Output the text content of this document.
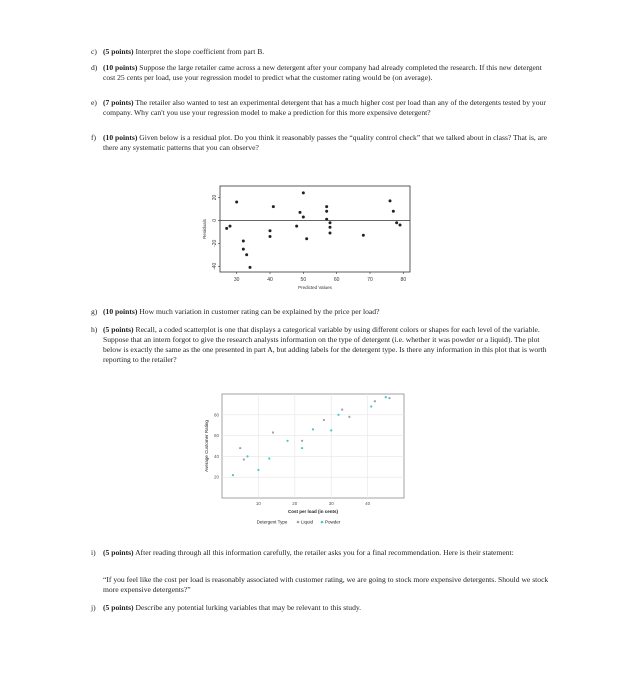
c) (5 points) Interpret the slope coefficient from part B.
d) (10 points) Suppose the large retailer came across a new detergent after your company had already completed the research. If this new detergent cost 25 cents per load, use your regression model to predict what the customer rating would be (on average).
e) (7 points) The retailer also wanted to test an experimental detergent that has a much higher cost per load than any of the detergents tested by your company. Why can't you use your regression model to make a prediction for this more expensive detergent?
f) (10 points) Given below is a residual plot. Do you think it reasonably passes the “quality control check” that we talked about in class? That is, are there any systematic patterns that you can observe?
30	40	50	60	70	80
-40
-20
0
20
Predicted Values
Residuals
g) (10 points) How much variation in customer rating can be explained by the price per load?
h) (5 points) Recall, a coded scatterplot is one that displays a categorical variable by using different colors or shapes for each level of the variable. Suppose that an intern forgot to give the research analysts information on the type of detergent (i.e. whether it was powder or a liquid). The plot below is exactly the same as the one presented in part A, but adding labels for the detergent type. Is there any information in this plot that is worth reporting to the retailer?
20
40
60
80
10	20	30	40
Cost per load (in cents)
Average Customer Rating
Detergent Type	Liquid	Powder
i) (5 points) After reading through all this information carefully, the retailer asks you for a final recommendation. Here is their statement:
“If you feel like the cost per load is reasonably associated with customer rating, we are going to stock more expensive detergents. Should we stock more expensive detergents?”
j) (5 points) Describe any potential lurking variables that may be relevant to this study.
